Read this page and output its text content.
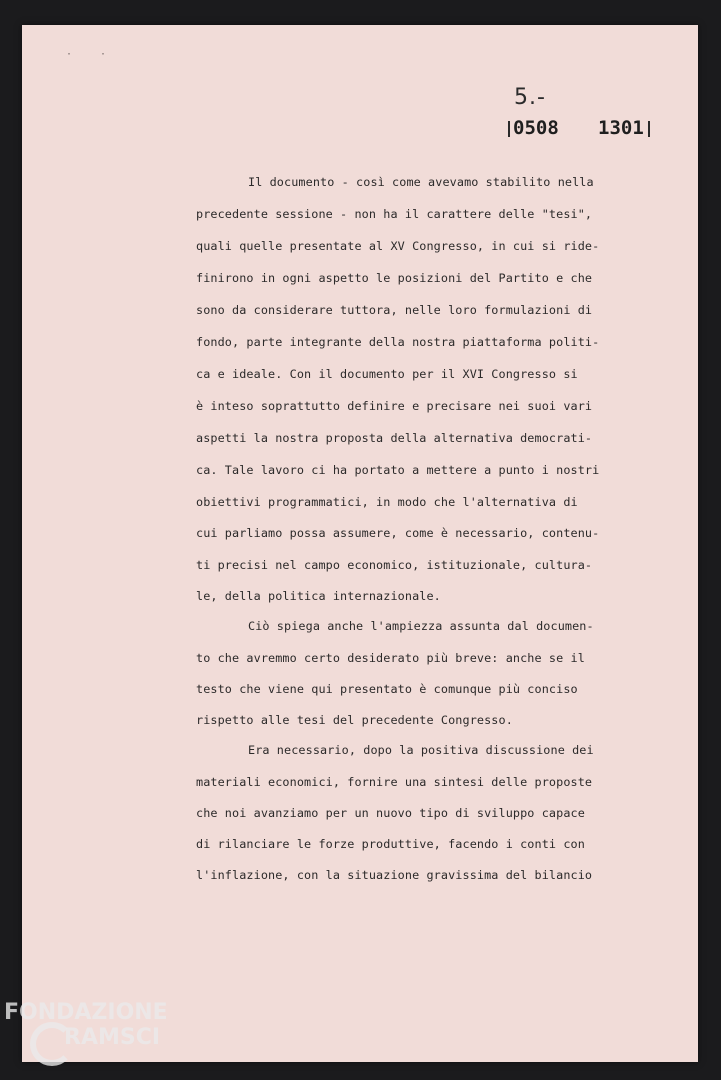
·	·
5.-
0508 1301
Il documento - così come avevamo stabilito nella
precedente sessione - non ha il carattere delle "tesi",
quali quelle presentate al XV Congresso, in cui si ride-
finirono in ogni aspetto le posizioni del Partito e che
sono da considerare tuttora, nelle loro formulazioni di
fondo, parte integrante della nostra piattaforma politi-
ca e ideale. Con il documento per il XVI Congresso si
è inteso soprattutto definire e precisare nei suoi vari
aspetti la nostra proposta della alternativa democrati-
ca. Tale lavoro ci ha portato a mettere a punto i nostri
obiettivi programmatici, in modo che l'alternativa di
cui parliamo possa assumere, come è necessario, contenu-
ti precisi nel campo economico, istituzionale, cultura-
le, della politica internazionale.
Ciò spiega anche l'ampiezza assunta dal documen-
to che avremmo certo desiderato più breve: anche se il
testo che viene qui presentato è comunque più conciso
rispetto alle tesi del precedente Congresso.
Era necessario, dopo la positiva discussione dei
materiali economici, fornire una sintesi delle proposte
che noi avanziamo per un nuovo tipo di sviluppo capace
di rilanciare le forze produttive, facendo i conti con
l'inflazione, con la situazione gravissima del bilancio
FONDAZIONE
RAMSCI
